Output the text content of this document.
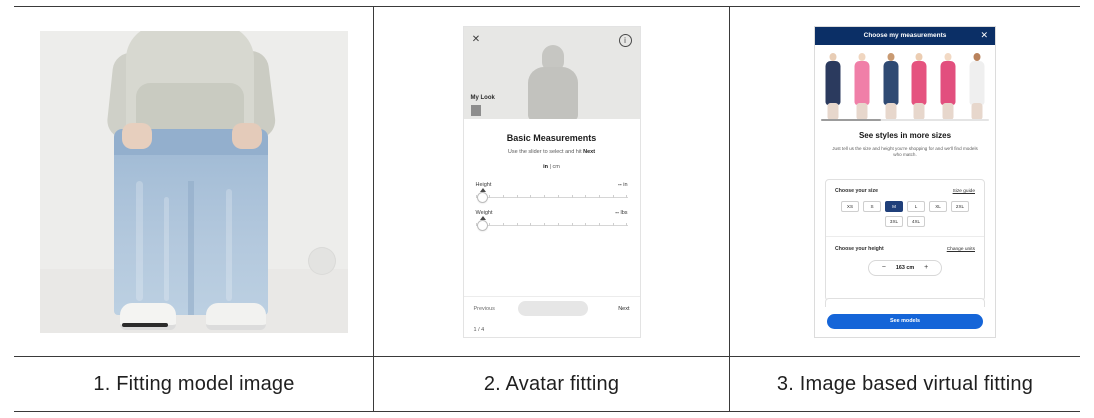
✕	i
My Look
Basic Measurements
Use the slider to select and hit Next
in | cm
Height	-- in
Weight	-- lbs
Previous	Next
1 / 4
Choose my measurements	✕
See styles in more sizes
Just tell us the size and height you're shopping for and we'll find models who match.
Choose your size	Size guide
XS	S	M	L	XL	2XL
3XL	4XL
Choose your height	Change units
− 163 cm +
See models
1. Fitting model image	2. Avatar fitting	3. Image based virtual fitting
